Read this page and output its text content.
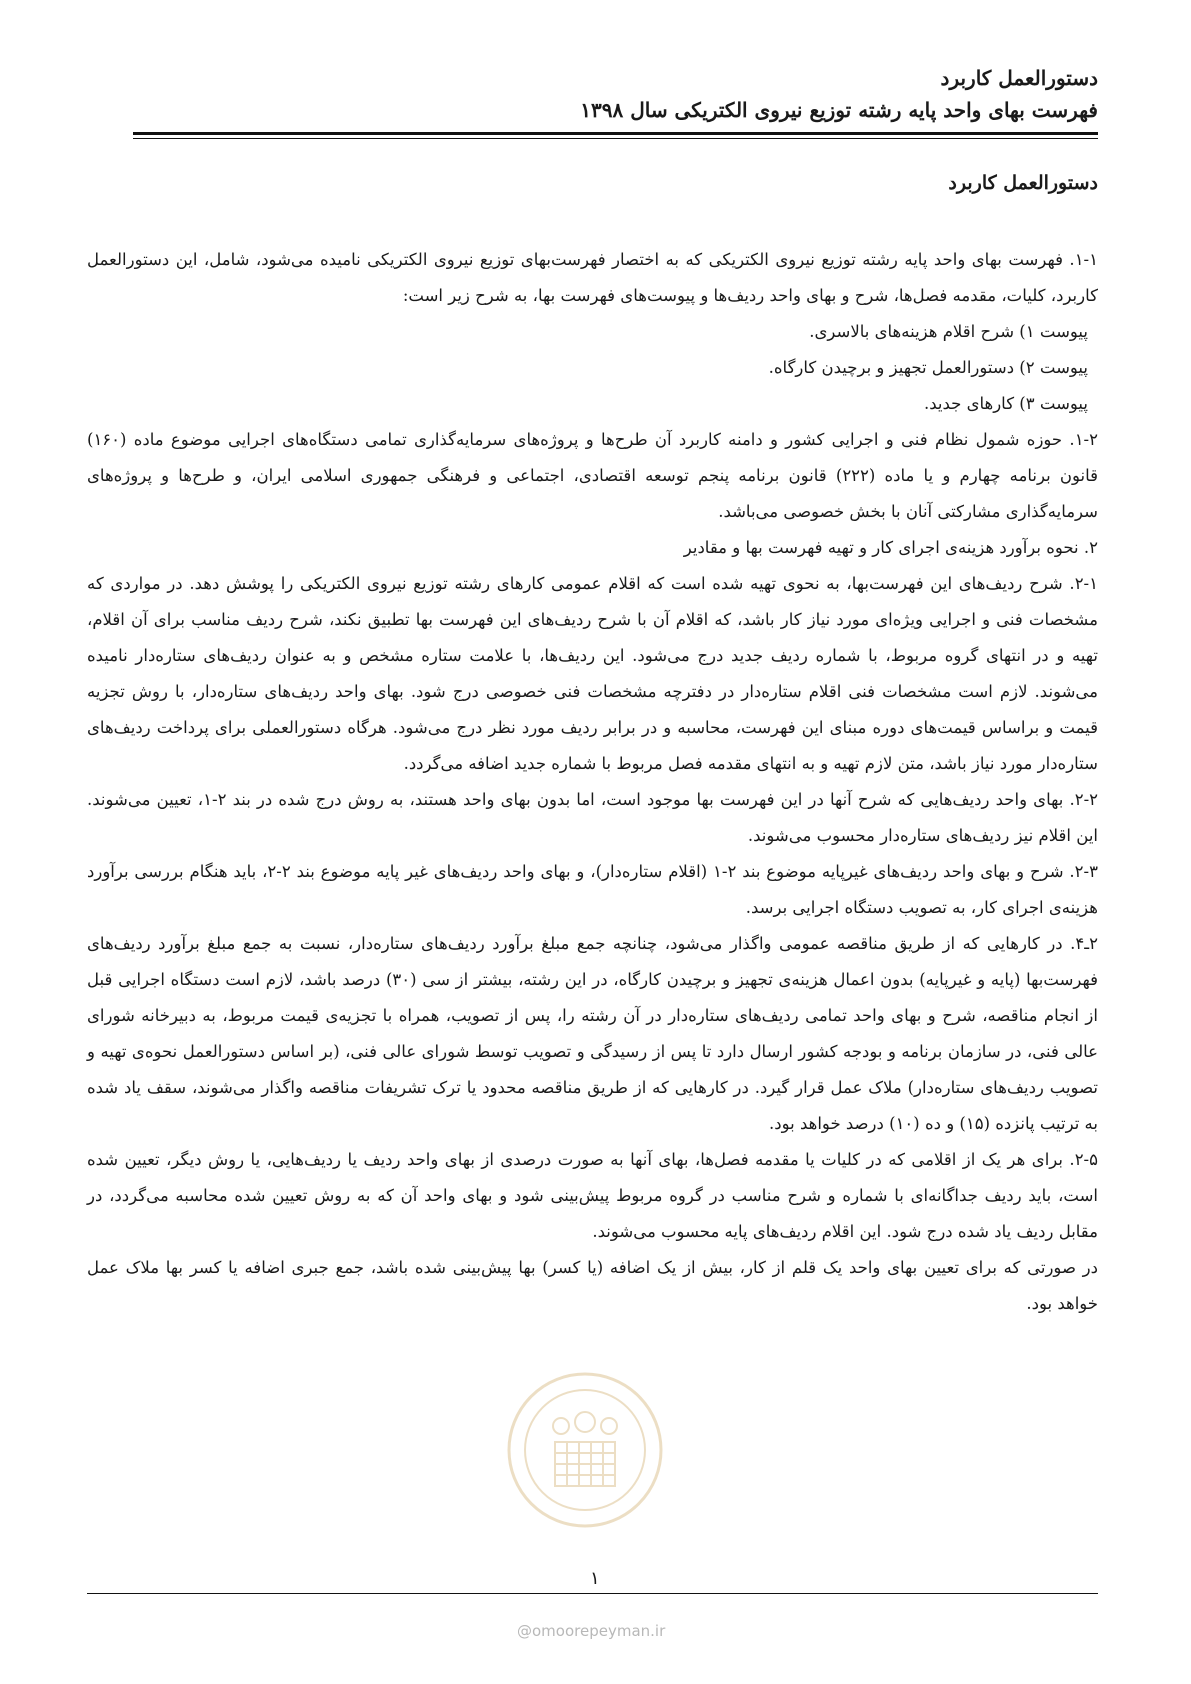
دستورالعمل کاربرد
فهرست بهای واحد پایه رشته توزیع نیروی الکتریکی سال ۱۳۹۸
دستورالعمل کاربرد

۱-۱. فهرست بهای واحد پایه رشته توزیع نیروی الکتریکی که به اختصار فهرست‌بهای توزیع نیروی الکتریکی نامیده می‌شود، شامل، این دستورالعمل کاربرد، کلیات، مقدمه فصل‌ها، شرح و بهای واحد ردیف‌ها و پیوست‌های فهرست بها، به شرح زیر است:

پیوست ۱) شرح اقلام هزینه‌های بالاسری.

پیوست ۲) دستورالعمل تجهیز و برچیدن کارگاه.

پیوست ۳) کارهای جدید.

۱-۲. حوزه شمول نظام فنی و اجرایی کشور و دامنه کاربرد آن طرح‌ها و پروژه‌های سرمایه‌گذاری تمامی دستگاه‌های اجرایی موضوع ماده (۱۶۰) قانون برنامه چهارم و یا ماده (۲۲۲) قانون برنامه پنجم توسعه اقتصادی، اجتماعی و فرهنگی جمهوری اسلامی ایران، و طرح‌ها و پروژه‌های سرمایه‌گذاری مشارکتی آنان با بخش خصوصی می‌باشد.

۲. نحوه برآورد هزینه‌ی اجرای کار و تهیه فهرست بها و مقادیر

۲-۱. شرح ردیف‌های این فهرست‌بها، به نحوی تهیه شده است که اقلام عمومی کارهای رشته توزیع نیروی الکتریکی را پوشش دهد. در مواردی که مشخصات فنی و اجرایی ویژه‌ای مورد نیاز کار باشد، که اقلام آن با شرح ردیف‌های این فهرست بها تطبیق نکند، شرح ردیف مناسب برای آن اقلام، تهیه و در انتهای گروه مربوط، با شماره ردیف جدید درج می‌شود. این ردیف‌ها، با علامت ستاره مشخص و به عنوان ردیف‌های ستاره‌دار نامیده می‌شوند. لازم است مشخصات فنی اقلام ستاره‌دار در دفترچه مشخصات فنی خصوصی درج شود. بهای واحد ردیف‌های ستاره‌دار، با روش تجزیه قیمت و براساس قیمت‌های دوره مبنای این فهرست، محاسبه و در برابر ردیف مورد نظر درج می‌شود. هرگاه دستورالعملی برای پرداخت ردیف‌های ستاره‌دار مورد نیاز باشد، متن لازم تهیه و به انتهای مقدمه فصل مربوط با شماره جدید اضافه می‌گردد.

۲-۲. بهای واحد ردیف‌هایی که شرح آنها در این فهرست بها موجود است، اما بدون بهای واحد هستند، به روش درج شده در بند ۲-۱، تعیین می‌شوند. این اقلام نیز ردیف‌های ستاره‌دار محسوب می‌شوند.

۲-۳. شرح و بهای واحد ردیف‌های غیرپایه موضوع بند ۲-۱ (اقلام ستاره‌دار)، و بهای واحد ردیف‌های غیر پایه موضوع بند ۲-۲، باید هنگام بررسی برآورد هزینه‌ی اجرای کار، به تصویب دستگاه اجرایی برسد.

۲ـ۴. در کارهایی که از طریق مناقصه عمومی واگذار می‌شود، چنانچه جمع مبلغ برآورد ردیف‌های ستاره‌دار، نسبت به جمع مبلغ برآورد ردیف‌های فهرست‌بها (پایه و غیرپایه) بدون اعمال هزینه‌ی تجهیز و برچیدن کارگاه، در این رشته، بیشتر از سی (۳۰) درصد باشد، لازم است دستگاه اجرایی قبل از انجام مناقصه، شرح و بهای واحد تمامی ردیف‌های ستاره‌دار در آن رشته را، پس از تصویب، همراه با تجزیه‌ی قیمت مربوط، به دبیرخانه شورای عالی فنی، در سازمان برنامه و بودجه کشور ارسال دارد تا پس از رسیدگی و تصویب توسط شورای عالی فنی، (بر اساس دستورالعمل نحوه‌ی تهیه و تصویب ردیف‌های ستاره‌دار) ملاک عمل قرار گیرد. در کارهایی که از طریق مناقصه محدود یا ترک تشریفات مناقصه واگذار می‌شوند، سقف یاد شده به ترتیب پانزده (۱۵) و ده (۱۰) درصد خواهد بود.

۲-۵. برای هر یک از اقلامی که در کلیات یا مقدمه فصل‌ها، بهای آنها به صورت درصدی از بهای واحد ردیف یا ردیف‌هایی، یا روش دیگر، تعیین شده است، باید ردیف جداگانه‌ای با شماره و شرح مناسب در گروه مربوط پیش‌بینی شود و بهای واحد آن که به روش تعیین شده محاسبه می‌گردد، در مقابل ردیف یاد شده درج شود. این اقلام ردیف‌های پایه محسوب می‌شوند.

در صورتی که برای تعیین بهای واحد یک قلم از کار، بیش از یک اضافه (یا کسر) بها پیش‌بینی شده باشد، جمع جبری اضافه یا کسر بها ملاک عمل خواهد بود.

۱
@omoorepeyman.ir
